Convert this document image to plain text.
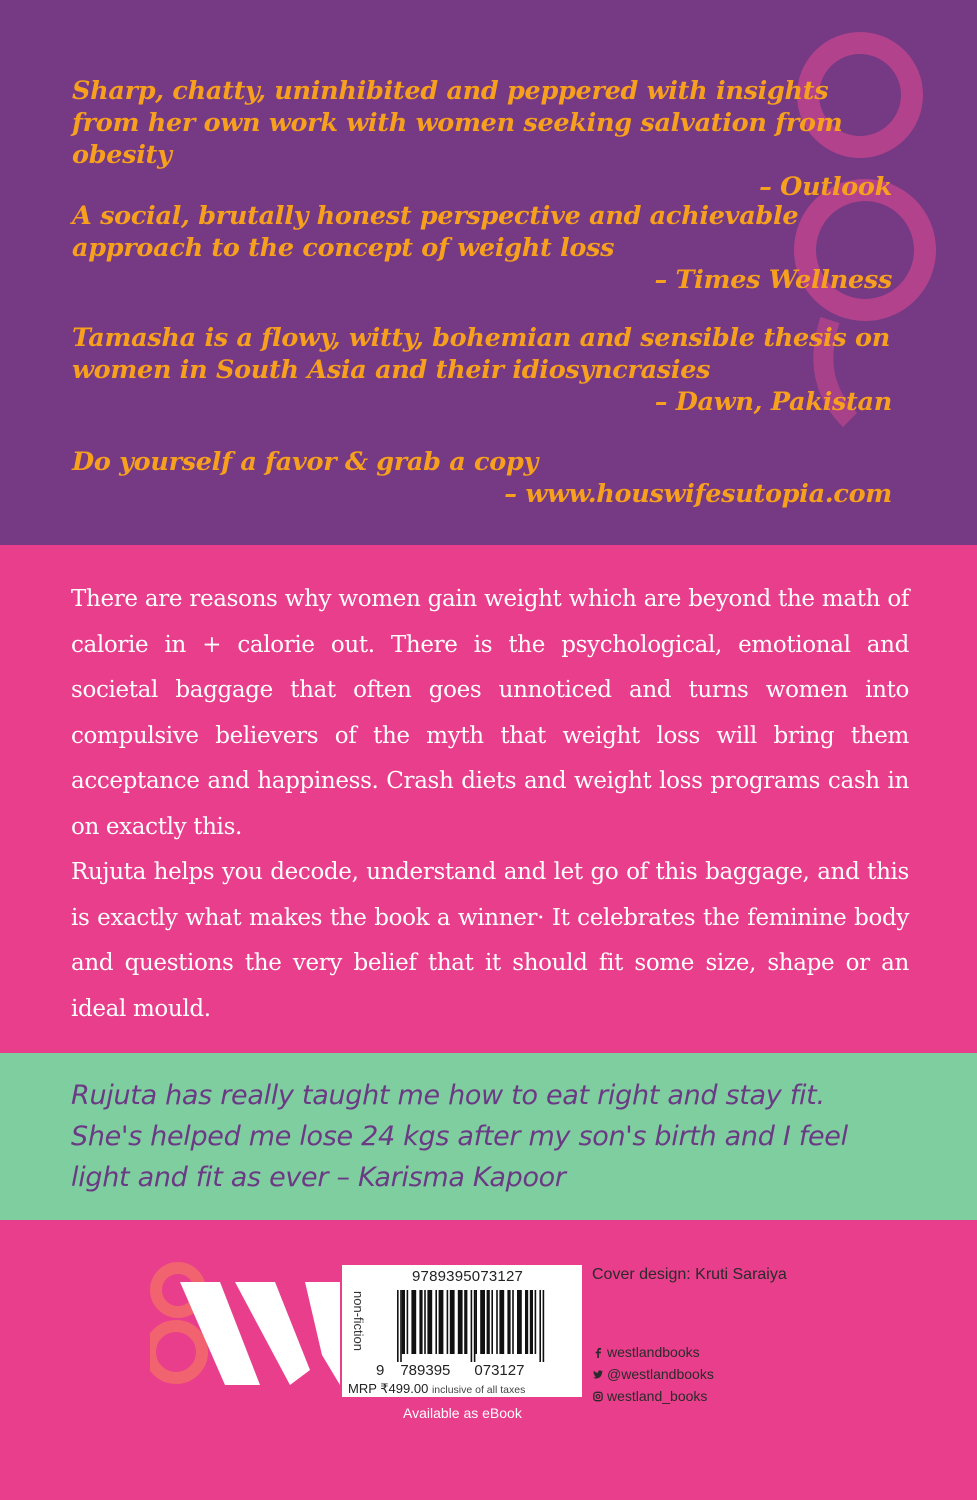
Sharp, chatty, uninhibited and peppered with insights from her own work with women seeking salvation from obesity
– Outlook
A social, brutally honest perspective and achievable approach to the concept of weight loss
– Times Wellness
Tamasha is a flowy, witty, bohemian and sensible thesis on women in South Asia and their idiosyncrasies
– Dawn, Pakistan
Do yourself a favor & grab a copy
– www.houswifesutopia.com

There are reasons why women gain weight which are beyond the math of calorie in + calorie out. There is the psychological, emotional and societal baggage that often goes unnoticed and turns women into compulsive believers of the myth that weight loss will bring them acceptance and happiness. Crash diets and weight loss programs cash in on exactly this.

Rujuta helps you decode, understand and let go of this baggage, and this is exactly what makes the book a winner· It celebrates the feminine body and questions the very belief that it should fit some size, shape or an ideal mould.

Rujuta has really taught me how to eat right and stay fit.
She's helped me lose 24 kgs after my son's birth and I feel
light and fit as ever – Karisma Kapoor
9789395073127
non-fiction
9 789395 073127
MRP ₹499.00 inclusive of all taxes
Available as eBook
Cover design: Kruti Saraiya
westlandbooks
@westlandbooks
westland_books
